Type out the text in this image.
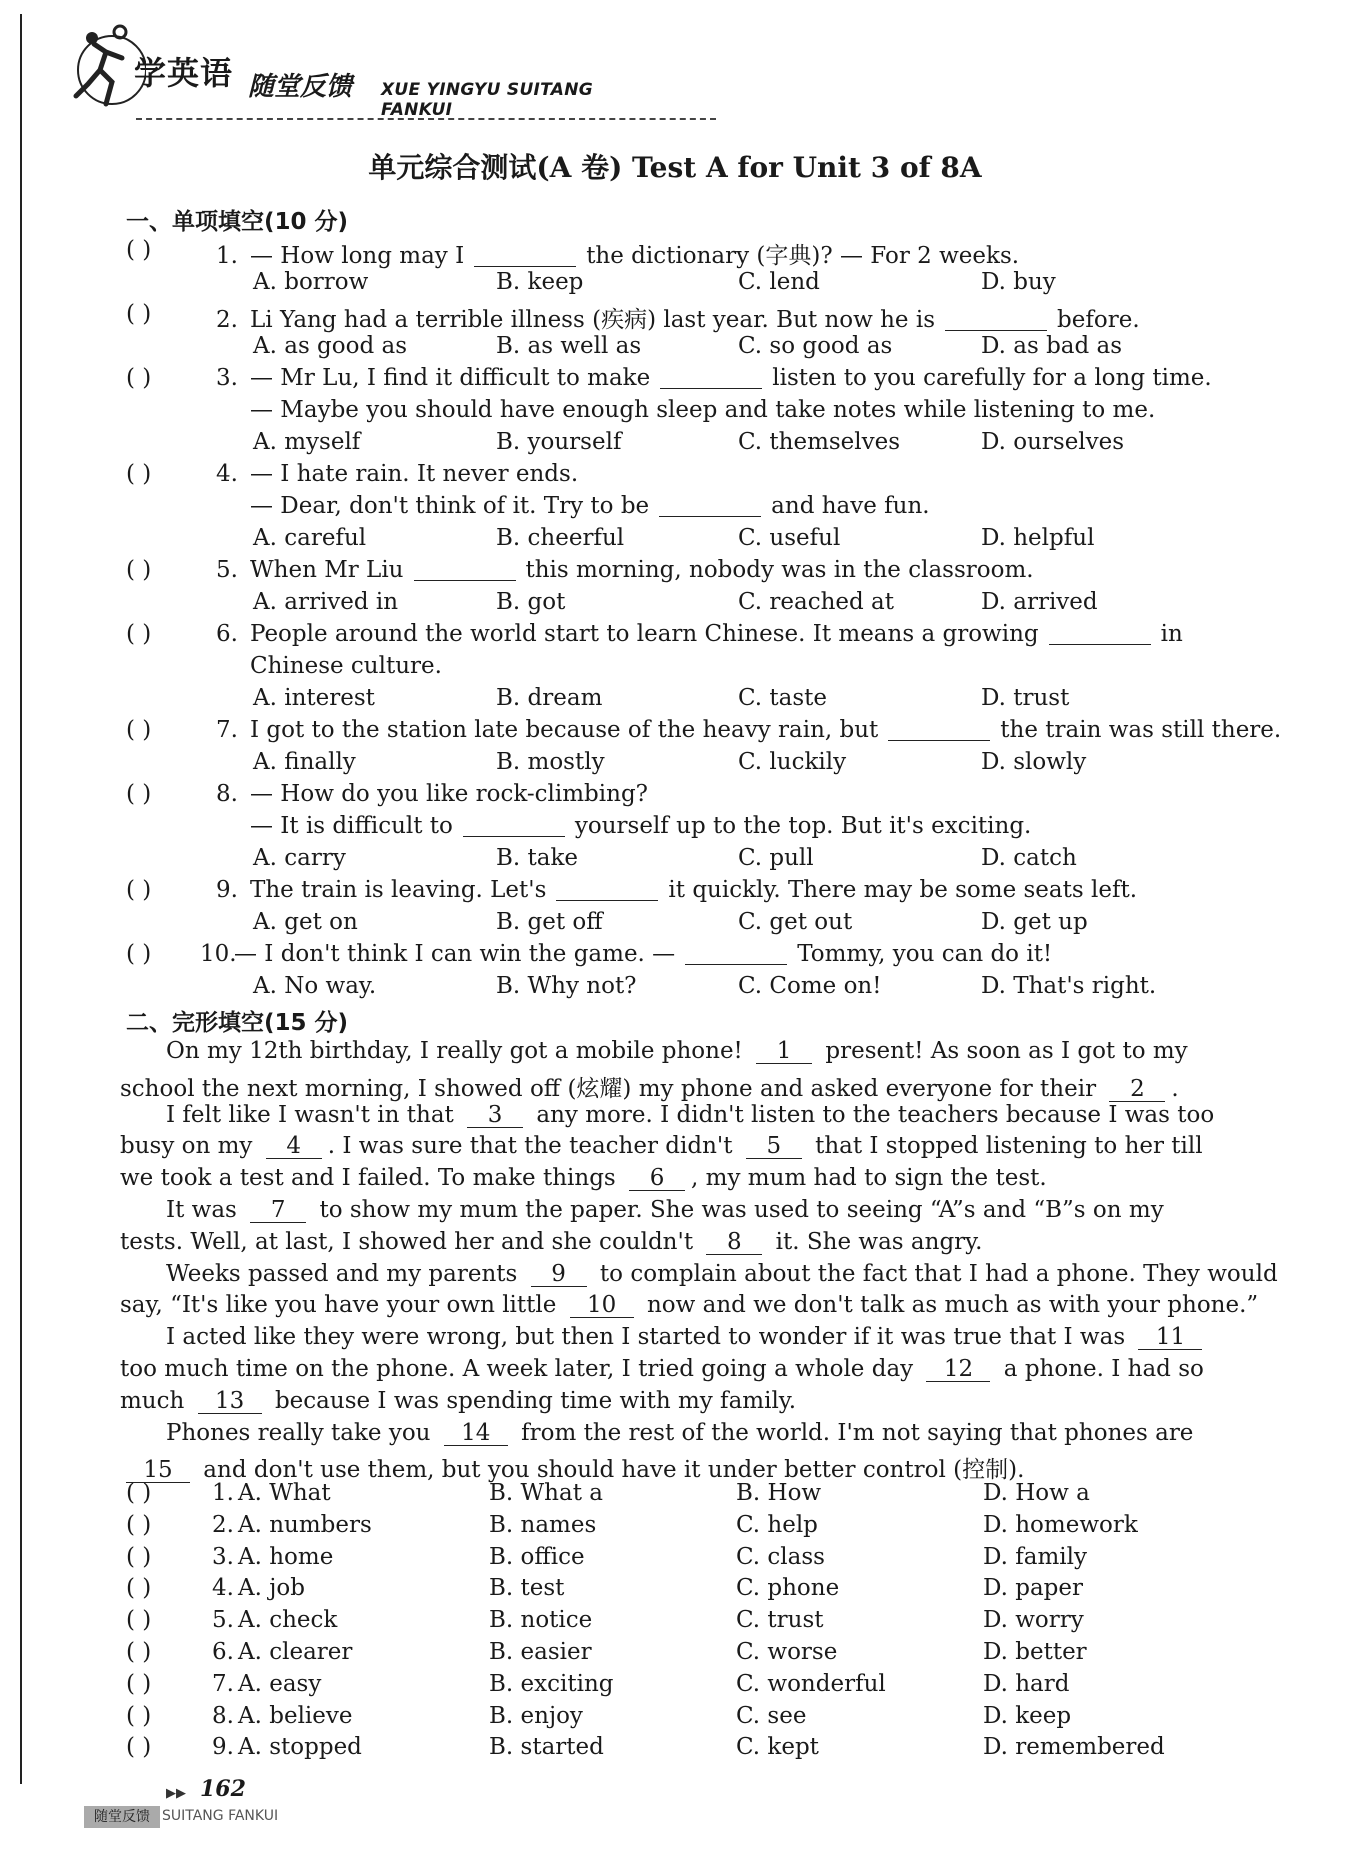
学英语 随堂反馈 XUE YINGYU SUITANG FANKUI
单元综合测试(A 卷) Test A for Unit 3 of 8A
一、单项填空(10 分)
( )	1. — How long may I	the dictionary (字典)? — For 2 weeks.
A. borrow	B. keep	C. lend	D. buy
( )	2. Li Yang had a terrible illness (疾病) last year. But now he is	before.
A. as good as	B. as well as	C. so good as	D. as bad as
( )	3. — Mr Lu, I find it difficult to make	listen to you carefully for a long time.
— Maybe you should have enough sleep and take notes while listening to me.
A. myself	B. yourself	C. themselves	D. ourselves
( )	4. — I hate rain. It never ends.
— Dear, don't think of it. Try to be	and have fun.
A. careful	B. cheerful	C. useful	D. helpful
( )	5. When Mr Liu	this morning, nobody was in the classroom.
A. arrived in	B. got	C. reached at	D. arrived
( )	6. People around the world start to learn Chinese. It means a growing	in
Chinese culture.
A. interest	B. dream	C. taste	D. trust
( )	7. I got to the station late because of the heavy rain, but	the train was still there.
A. finally	B. mostly	C. luckily	D. slowly
( )	8. — How do you like rock-climbing?
— It is difficult to	yourself up to the top. But it's exciting.
A. carry	B. take	C. pull	D. catch
( )	9. The train is leaving. Let's	it quickly. There may be some seats left.
A. get on	B. get off	C. get out	D. get up
( ) 10.— I don't think I can win the game. —	Tommy, you can do it!
A. No way.	B. Why not?	C. Come on!	D. That's right.
二、完形填空(15 分)
  On my 12th birthday, I really got a mobile phone! 1 present! As soon as I got to my
school the next morning, I showed off (炫耀) my phone and asked everyone for their 2 .
  I felt like I wasn't in that 3 any more. I didn't listen to the teachers because I was too
busy on my 4 . I was sure that the teacher didn't 5 that I stopped listening to her till
we took a test and I failed. To make things 6 , my mum had to sign the test.
  It was 7 to show my mum the paper. She was used to seeing “A”s and “B”s on my
tests. Well, at last, I showed her and she couldn't 8 it. She was angry.
  Weeks passed and my parents 9 to complain about the fact that I had a phone. They would
say, “It's like you have your own little 10 now and we don't talk as much as with your phone.”
  I acted like they were wrong, but then I started to wonder if it was true that I was 11
too much time on the phone. A week later, I tried going a whole day 12 a phone. I had so
much 13 because I was spending time with my family.
  Phones really take you 14 from the rest of the world. I'm not saying that phones are
15 and don't use them, but you should have it under better control (控制).
( )	1. A. What	B. What a	B. How	D. How a
( )	2. A. numbers	B. names	C. help	D. homework
( )	3. A. home	B. office	C. class	D. family
( )	4. A. job	B. test	C. phone	D. paper
( )	5. A. check	B. notice	C. trust	D. worry
( )	6. A. clearer	B. easier	C. worse	D. better
( )	7. A. easy	B. exciting	C. wonderful	D. hard
( )	8. A. believe	B. enjoy	C. see	D. keep
( )	9. A. stopped	B. started	C. kept	D. remembered
▶▶ 162
随堂反馈 SUITANG FANKUI
